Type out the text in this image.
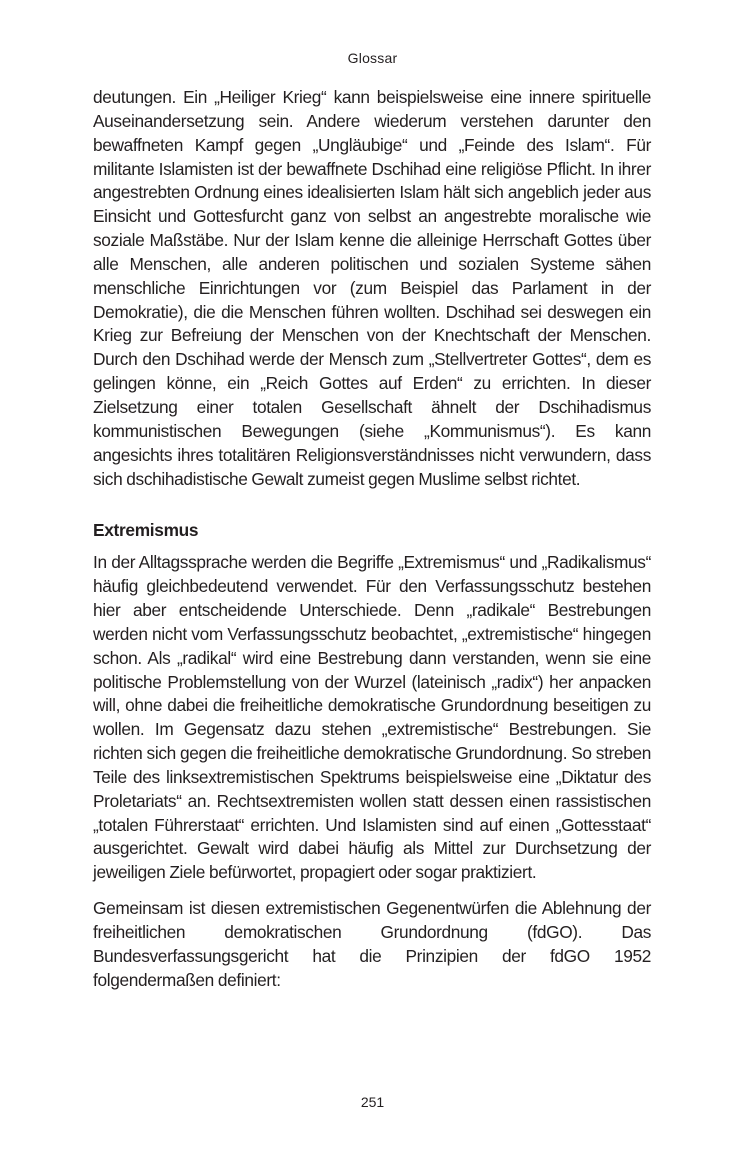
Glossar

deutungen. Ein „Heiliger Krieg“ kann beispielsweise eine innere spirituelle Auseinandersetzung sein. Andere wiederum verstehen darunter den bewaffneten Kampf gegen „Ungläubige“ und „Feinde des Islam“. Für militante Islamisten ist der bewaffnete Dschihad eine religiöse Pflicht. In ihrer angestrebten Ordnung eines idealisierten Islam hält sich angeblich jeder aus Einsicht und Gottesfurcht ganz von selbst an angestrebte moralische wie soziale Maßstäbe. Nur der Islam kenne die alleinige Herrschaft Gottes über alle Menschen, alle anderen politischen und sozialen Systeme sähen menschliche Einrichtungen vor (zum Beispiel das Parlament in der Demokratie), die die Menschen führen wollten. Dschihad sei deswegen ein Krieg zur Befreiung der Menschen von der Knechtschaft der Menschen. Durch den Dschihad werde der Mensch zum „Stellvertreter Gottes“, dem es gelingen könne, ein „Reich Gottes auf Erden“ zu errichten. In dieser Zielsetzung einer totalen Gesellschaft ähnelt der Dschihadismus kommunistischen Bewegungen (siehe „Kommunismus“). Es kann angesichts ihres totalitären Religionsverständnisses nicht verwundern, dass sich dschihadistische Gewalt zumeist gegen Muslime selbst richtet.

Extremismus

In der Alltagssprache werden die Begriffe „Extremismus“ und „Radikalismus“ häufig gleichbedeutend verwendet. Für den Verfassungsschutz bestehen hier aber entscheidende Unterschiede. Denn „radikale“ Bestrebungen werden nicht vom Verfassungsschutz beobachtet, „extremistische“ hingegen schon. Als „radikal“ wird eine Bestrebung dann verstanden, wenn sie eine politische Problemstellung von der Wurzel (lateinisch „radix“) her anpacken will, ohne dabei die freiheitliche demokratische Grundordnung beseitigen zu wollen. Im Gegensatz dazu stehen „extremistische“ Bestrebungen. Sie richten sich gegen die freiheitliche demokratische Grundordnung. So streben Teile des linksextremistischen Spektrums beispielsweise eine „Diktatur des Proletariats“ an. Rechtsextremisten wollen statt dessen einen rassistischen „totalen Führerstaat“ errichten. Und Islamisten sind auf einen „Gottesstaat“ ausgerichtet. Gewalt wird dabei häufig als Mittel zur Durchsetzung der jeweiligen Ziele befürwortet, propagiert oder sogar praktiziert.

Gemeinsam ist diesen extremistischen Gegenentwürfen die Ablehnung der freiheitlichen demokratischen Grundordnung (fdGO). Das Bundesverfassungsgericht hat die Prinzipien der fdGO 1952 folgendermaßen definiert:

251
